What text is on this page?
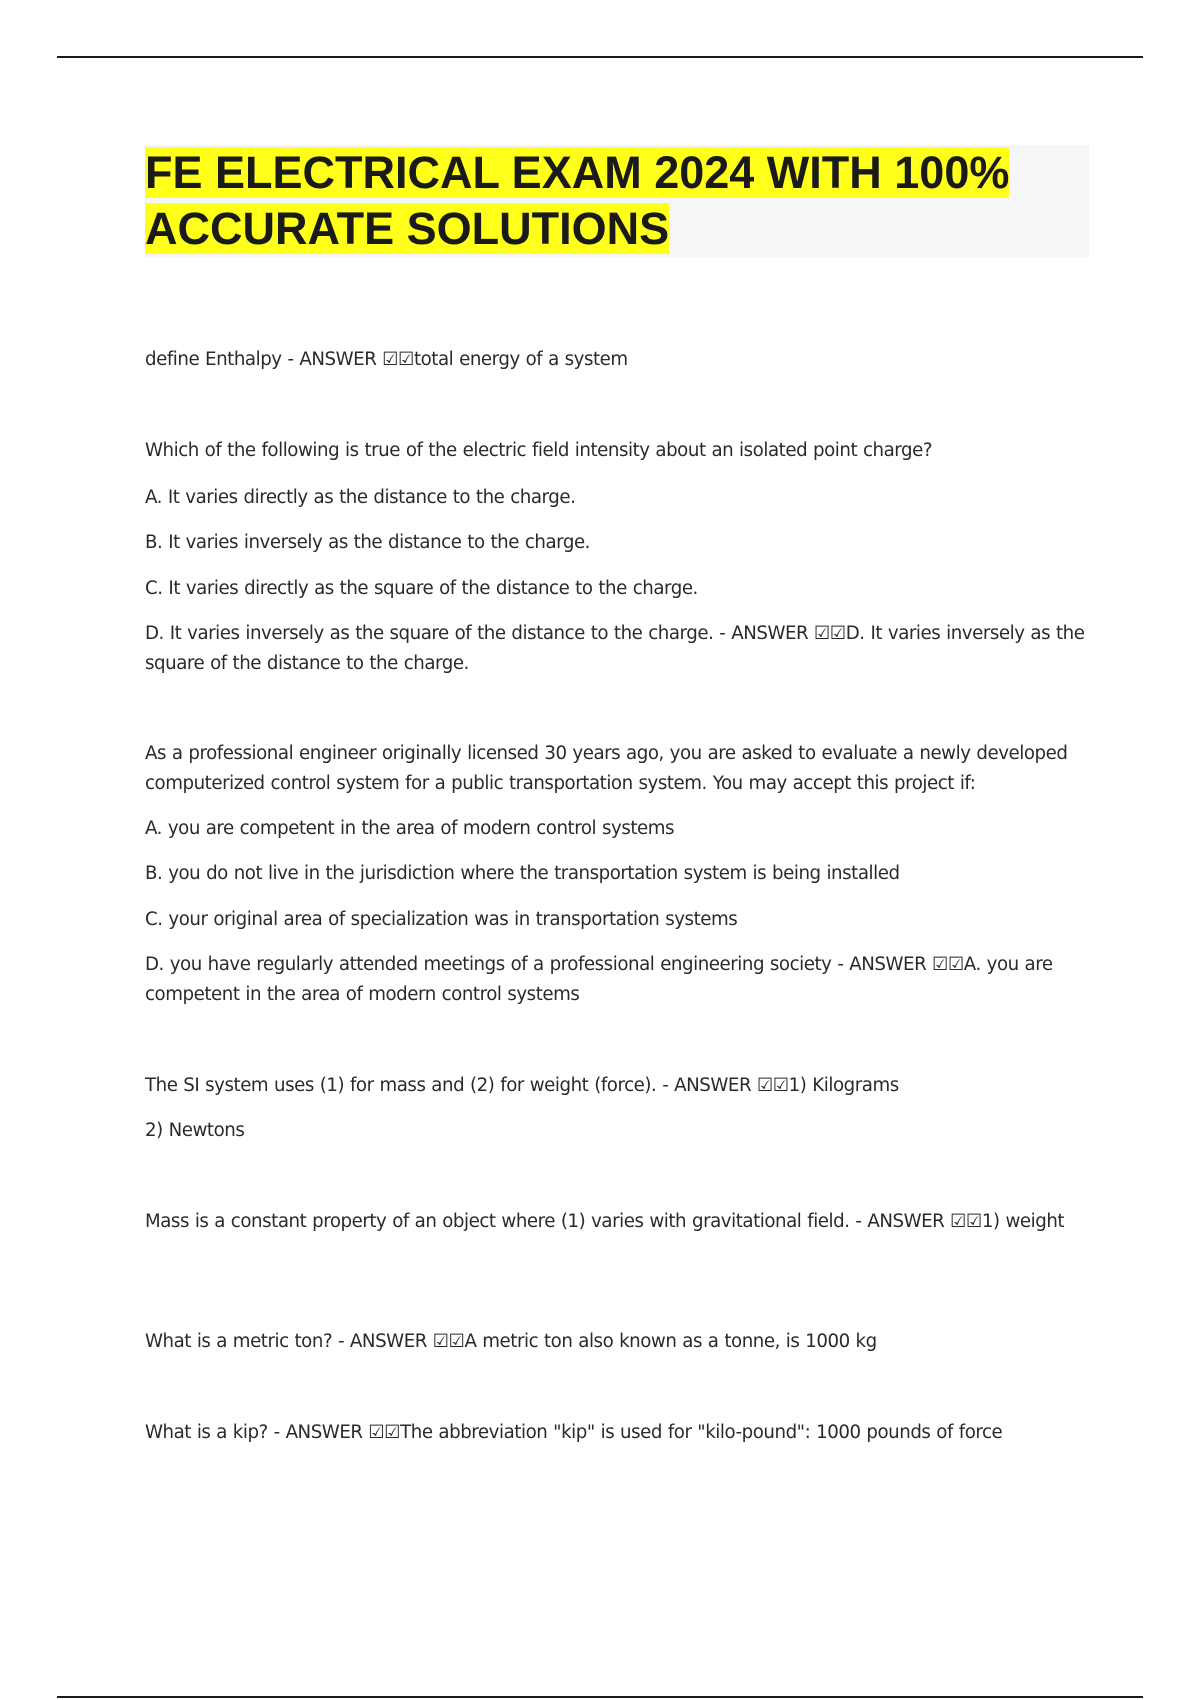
FE ELECTRICAL EXAM 2024 WITH 100% ACCURATE SOLUTIONS

define Enthalpy - ANSWER ☑☑total energy of a system

Which of the following is true of the electric field intensity about an isolated point charge?

A. It varies directly as the distance to the charge.

B. It varies inversely as the distance to the charge.

C. It varies directly as the square of the distance to the charge.

D. It varies inversely as the square of the distance to the charge. - ANSWER ☑☑D. It varies inversely as the square of the distance to the charge.

As a professional engineer originally licensed 30 years ago, you are asked to evaluate a newly developed computerized control system for a public transportation system. You may accept this project if:

A. you are competent in the area of modern control systems

B. you do not live in the jurisdiction where the transportation system is being installed

C. your original area of specialization was in transportation systems

D. you have regularly attended meetings of a professional engineering society - ANSWER ☑☑A. you are competent in the area of modern control systems

The SI system uses (1) for mass and (2) for weight (force). - ANSWER ☑☑1) Kilograms

2) Newtons

Mass is a constant property of an object where (1) varies with gravitational field. - ANSWER ☑☑1) weight

What is a metric ton? - ANSWER ☑☑A metric ton also known as a tonne, is 1000 kg

What is a kip? - ANSWER ☑☑The abbreviation "kip" is used for "kilo-pound": 1000 pounds of force
